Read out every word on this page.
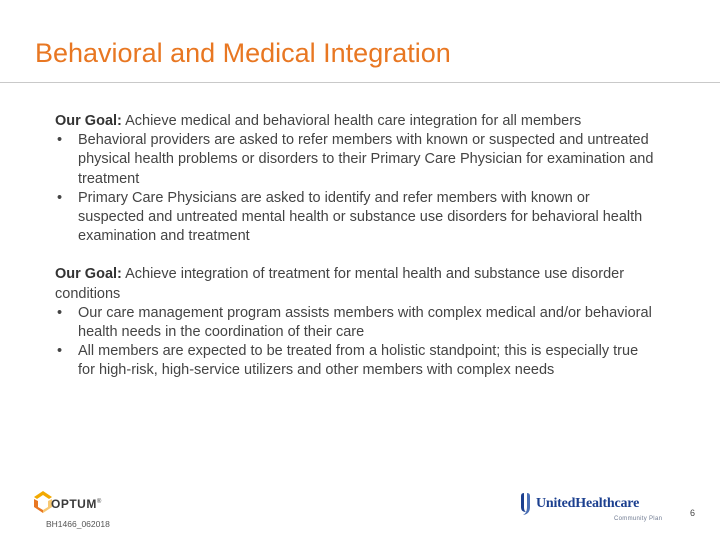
Behavioral and Medical Integration
Our Goal: Achieve medical and behavioral health care integration for all members
• Behavioral providers are asked to refer members with known or suspected and untreated physical health problems or disorders to their Primary Care Physician for examination and treatment
• Primary Care Physicians are asked to identify and refer members with known or suspected and untreated mental health or substance use disorders for behavioral health examination and treatment
Our Goal: Achieve integration of treatment for mental health and substance use disorder conditions
• Our care management program assists members with complex medical and/or behavioral health needs in the coordination of their care
• All members are expected to be treated from a holistic standpoint; this is especially true for high-risk, high-service utilizers and other members with complex needs
OPTUM®
BH1466_062018
UnitedHealthcare
Community Plan
6
